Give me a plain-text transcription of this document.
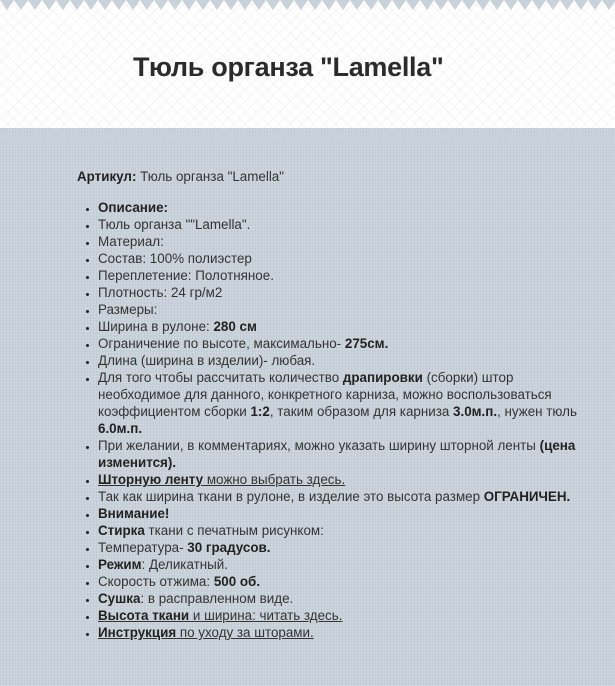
Тюль органза "Lamella"

Артикул: Тюль органза "Lamella"

• Описание:
• Тюль органза ""Lamella".
• Материал:
• Состав: 100% полиэстер
• Переплетение: Полотняное.
• Плотность: 24 гр/м2
• Размеры:
• Ширина в рулоне: 280 см
• Ограничение по высоте, максимально- 275см.
• Длина (ширина в изделии)- любая.
• Для того чтобы рассчитать количество драпировки (сборки) штор необходимое для данного, конкретного карниза, можно воспользоваться коэффициентом сборки 1:2, таким образом для карниза 3.0м.п., нужен тюль 6.0м.п.
• При желании, в комментариях, можно указать ширину шторной ленты (цена изменится).
• Шторную ленту можно выбрать здесь.
• Так как ширина ткани в рулоне, в изделие это высота размер ОГРАНИЧЕН.
• Внимание!
• Стирка ткани с печатным рисунком:
• Температура- 30 градусов.
• Режим: Деликатный.
• Скорость отжима: 500 об.
• Сушка: в расправленном виде.
• Высота ткани и ширина: читать здесь.
• Инструкция по уходу за шторами.
